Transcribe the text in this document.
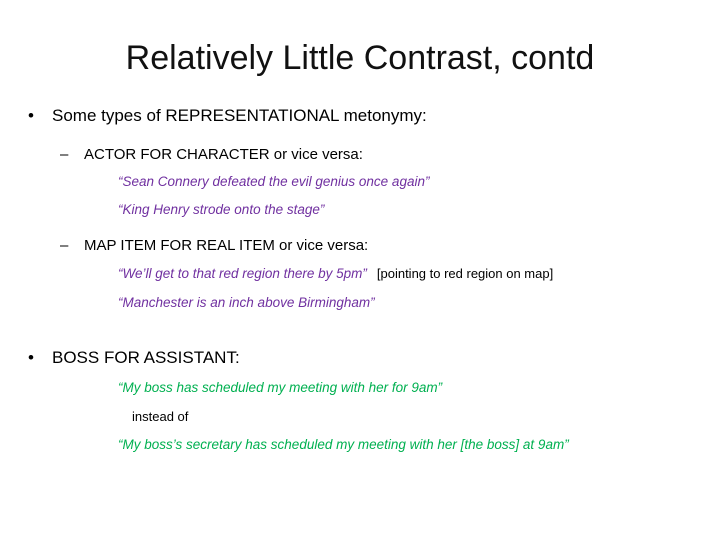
Relatively Little Contrast, contd
• Some types of REPRESENTATIONAL metonymy:
– ACTOR FOR CHARACTER or vice versa:
“Sean Connery defeated the evil genius once again”
“King Henry strode onto the stage”
– MAP ITEM FOR REAL ITEM or vice versa:
“We’ll get to that red region there by 5pm” [pointing to red region on map]
“Manchester is an inch above Birmingham”
• BOSS FOR ASSISTANT:
“My boss has scheduled my meeting with her for 9am”
instead of
“My boss’s secretary has scheduled my meeting with her [the boss] at 9am”
